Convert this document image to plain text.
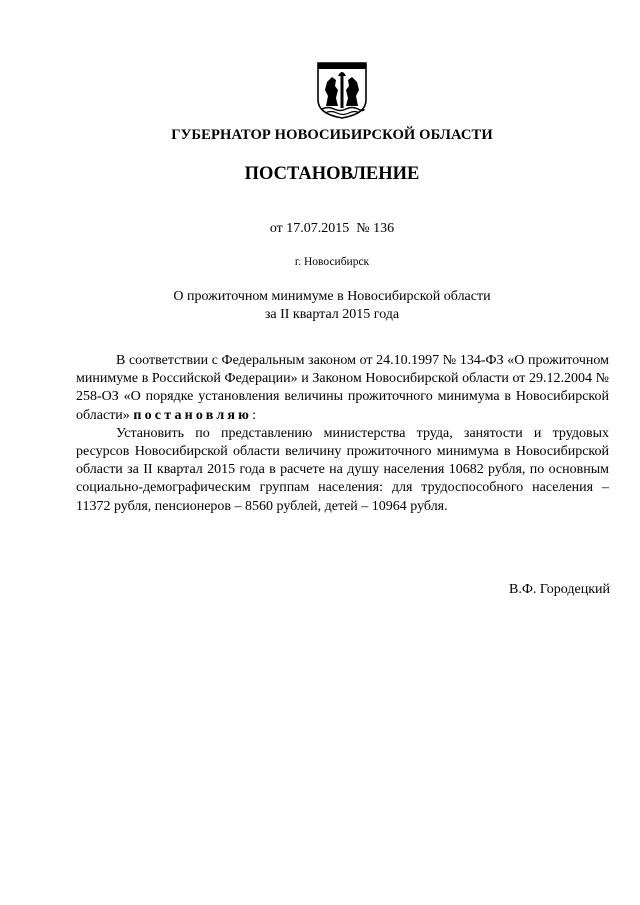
ГУБЕРНАТОР НОВОСИБИРСКОЙ ОБЛАСТИ
ПОСТАНОВЛЕНИЕ
от 17.07.2015 № 136
г. Новосибирск
О прожиточном минимуме в Новосибирской области
за II квартал 2015 года

В соответствии с Федеральным законом от 24.10.1997 № 134-ФЗ «О прожиточном минимуме в Российской Федерации» и Законом Новосибирской области от 29.12.2004 № 258-ОЗ «О порядке установления величины прожиточного минимума в Новосибирской области» постановляю:

Установить по представлению министерства труда, занятости и трудовых ресурсов Новосибирской области величину прожиточного минимума в Новосибирской области за II квартал 2015 года в расчете на душу населения 10682 рубля, по основным социально-демографическим группам населения: для трудоспособного населения – 11372 рубля, пенсионеров – 8560 рублей, детей – 10964 рубля.

В.Ф. Городецкий
